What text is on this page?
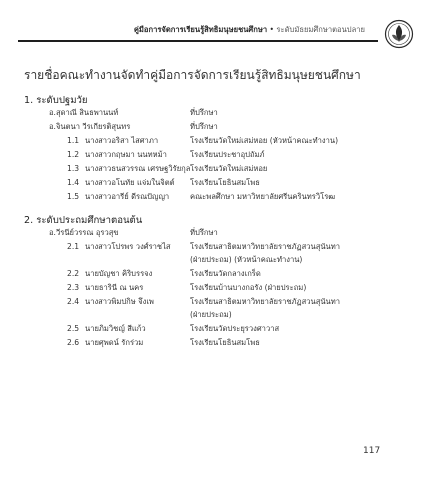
คู่มือการจัดการเรียนรู้สิทธิมนุษยชนศึกษา • ระดับมัธยมศึกษาตอนปลาย
รายชื่อคณะทำงานจัดทำคู่มือการจัดการเรียนรู้สิทธิมนุษยชนศึกษา
1. ระดับปฐมวัย
อ.สุดาณี สินธพานนท์	ที่ปรึกษา
อ.จินตนา วีรเกียรติสุนทร	ที่ปรึกษา
1.1 นางสาวอริสา ไสศาภา	โรงเรียนวัดใหม่เสม่หอย (หัวหน้าคณะทำงาน)
1.2 นางสาวกฤษมา นนทหม้า	โรงเรียนประชาอุปถัมภ์
1.3 นางสาวธนสวรรณ เศรษฐวิรัยกุล โรงเรียนวัดใหม่เสม่หอย
1.4 นางสาวอโนทัย แจ่มในจิตต์ โรงเรียนโยธินสมโพธ
1.5 นางสาวอารีย์ ดีรณปัญญา	คณะพลศึกษา มหาวิทยาลัยศรีนครินทรวิโรฒ
2. ระดับประถมศึกษาตอนต้น
อ.วีรนีย์วรรณ อุรวสุข	ที่ปรึกษา
2.1 นางสาวโปรพร วงศ์ราชไส	โรงเรียนสาธิตมหาวิทยาลัยราชภัฏสวนสุนันทา
(ฝ่ายประถม) (หัวหน้าคณะทำงาน)
2.2 นายบัญชา คิริบรรจง	โรงเรียนวัดกลางเกร็ด
2.3 นายธารินี ณ นคร	โรงเรียนบ้านบางกอรัง (ฝ่ายประถม)
2.4 นางสาวพิมปกิษ จึงเพ	โรงเรียนสาธิตมหาวิทยาลัยราชภัฏสวนสุนันทา
(ฝ่ายประถม)
2.5 นายภิมวิชญ์ สีแก้ว	โรงเรียนวัดประยุรวงศาวาส
2.6 นายศุพดน์ รักร่วม	โรงเรียนโยธินสมโพธ
117
